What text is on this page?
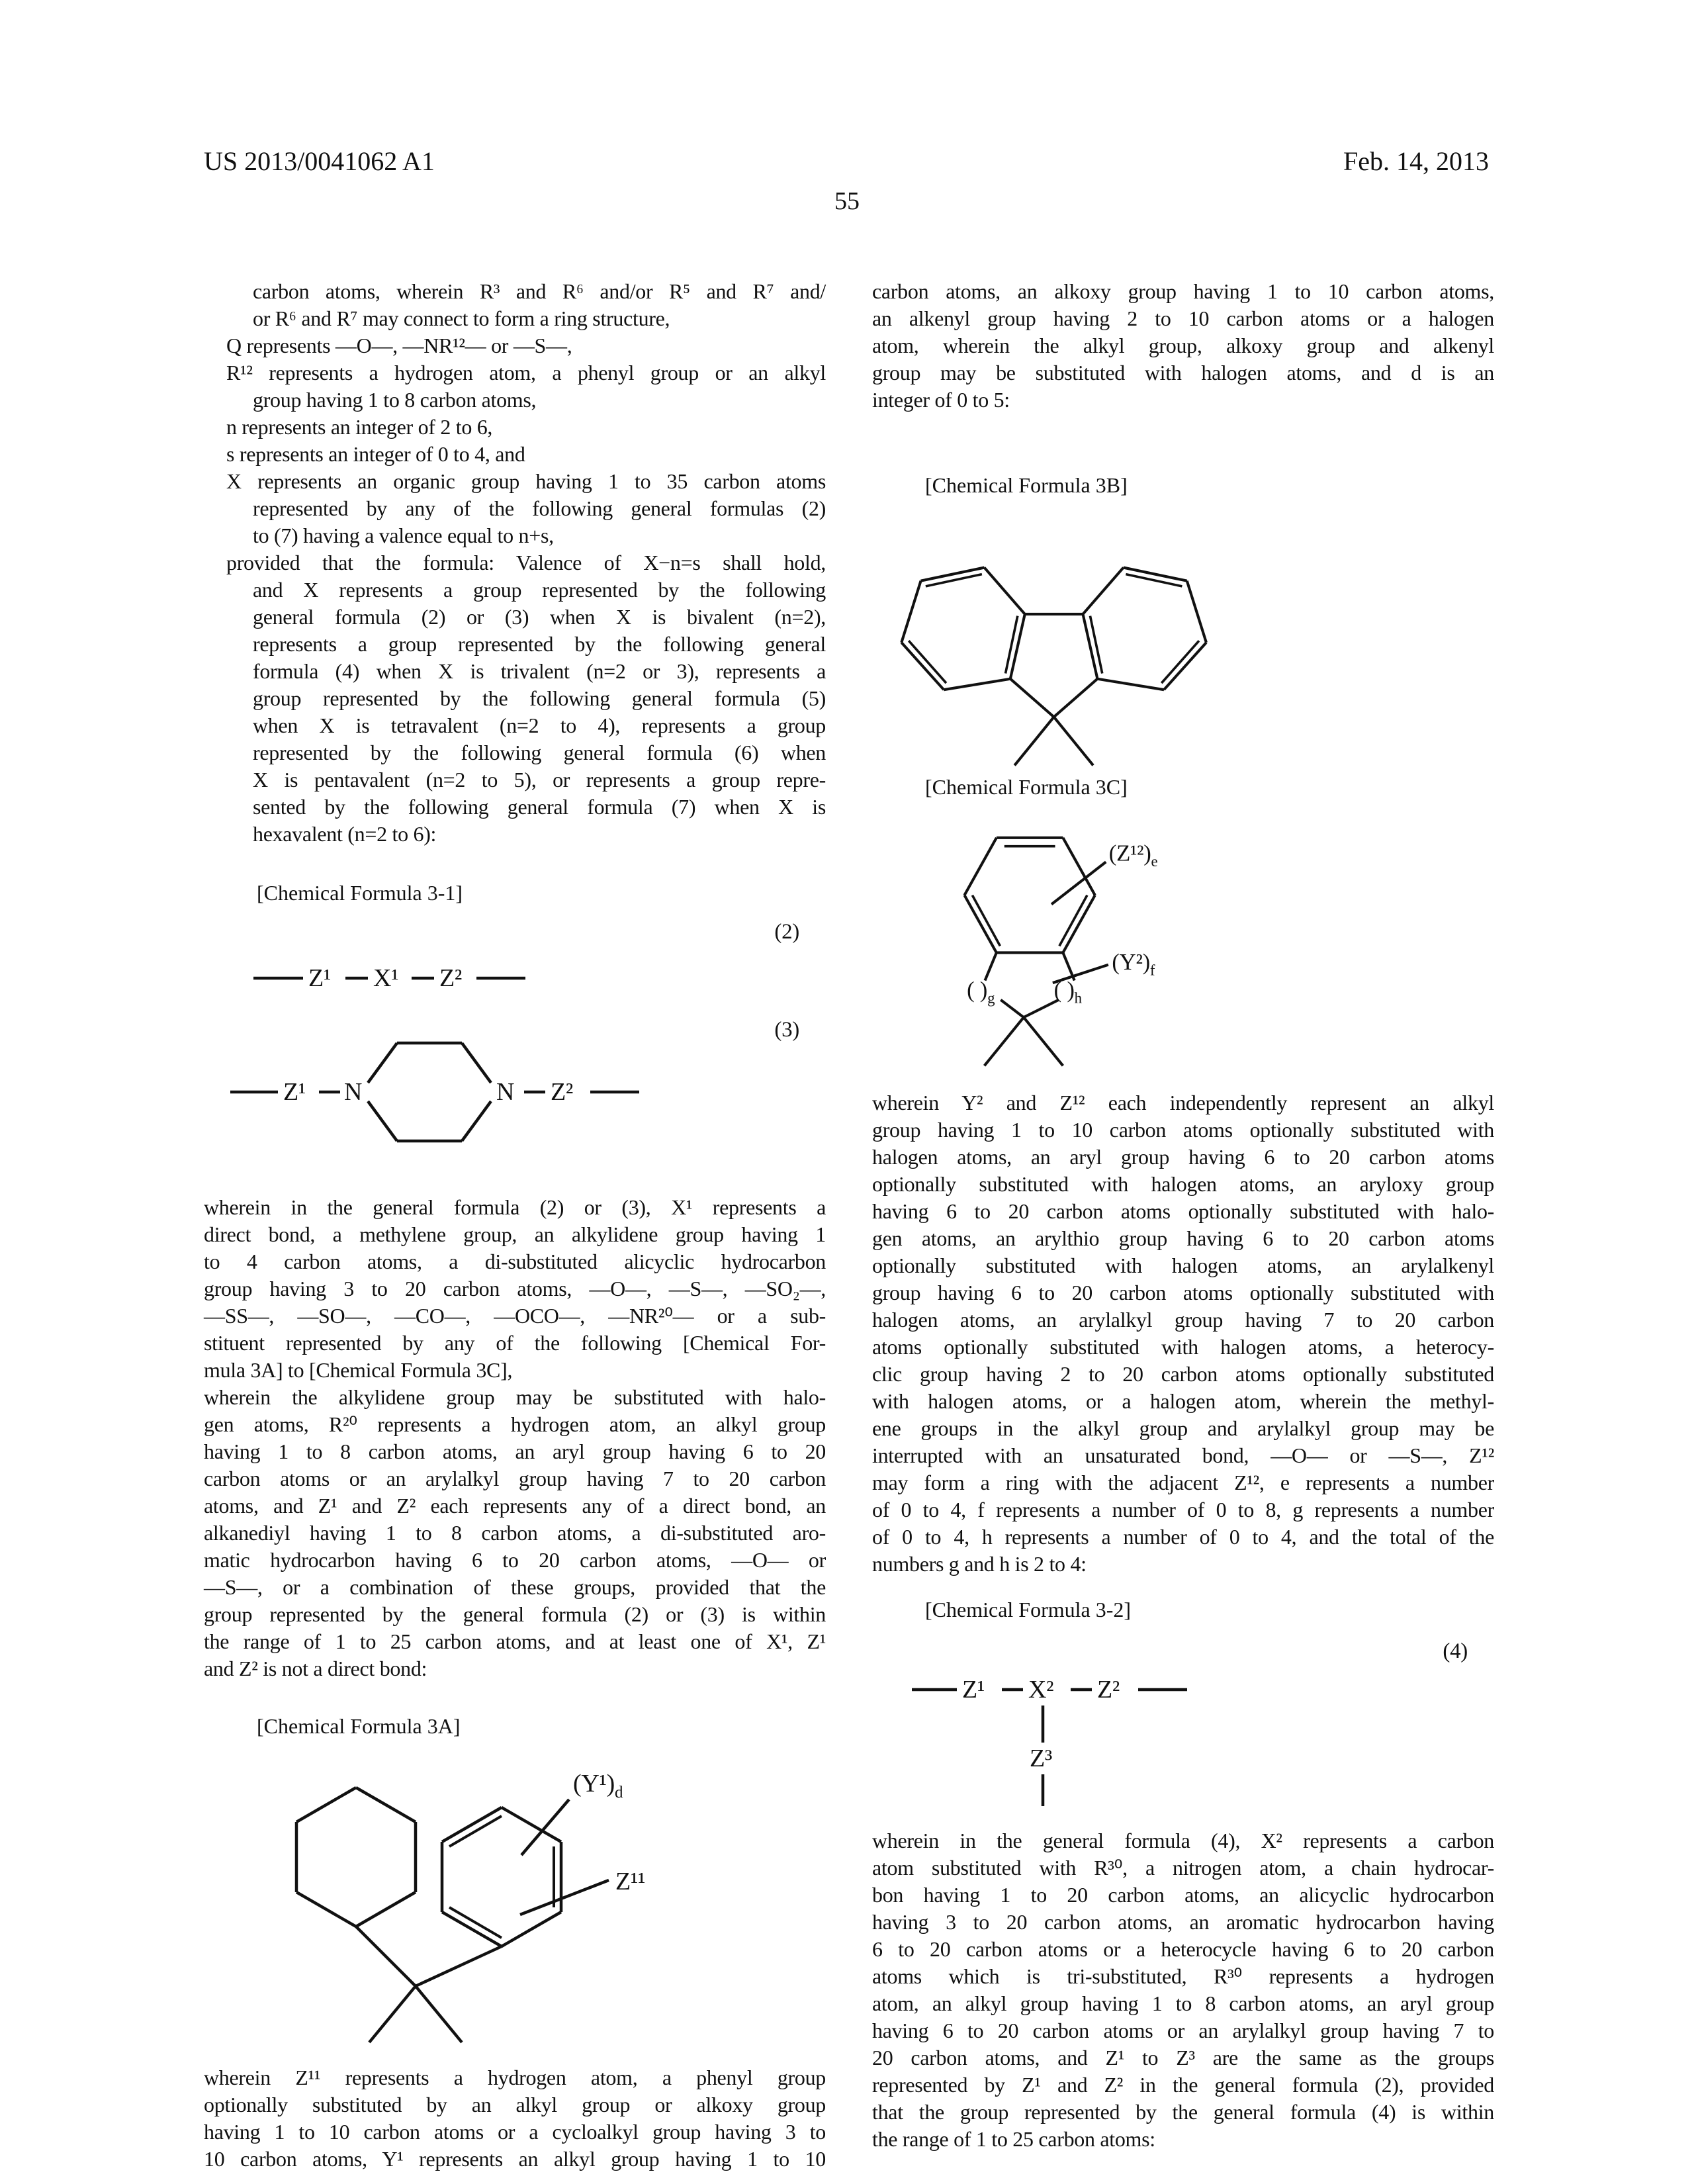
US 2013/0041062 A1	Feb. 14, 2013
55
carbon atoms, wherein R³ and R⁶ and/or R⁵ and R⁷ and/
or R⁶ and R⁷ may connect to form a ring structure,
Q represents —O—, —NR¹²— or —S—,
R¹² represents a hydrogen atom, a phenyl group or an alkyl
group having 1 to 8 carbon atoms,
n represents an integer of 2 to 6,
s represents an integer of 0 to 4, and
X represents an organic group having 1 to 35 carbon atoms
represented by any of the following general formulas (2)
to (7) having a valence equal to n+s,
provided that the formula: Valence of X−n=s shall hold,
and X represents a group represented by the following
general formula (2) or (3) when X is bivalent (n=2),
represents a group represented by the following general
formula (4) when X is trivalent (n=2 or 3), represents a
group represented by the following general formula (5)
when X is tetravalent (n=2 to 4), represents a group
represented by the following general formula (6) when
X is pentavalent (n=2 to 5), or represents a group repre-
sented by the following general formula (7) when X is
hexavalent (n=2 to 6):
[Chemical Formula 3-1]
(2)
Z¹ X¹ Z²
(3)
Z¹ N	N Z²
wherein in the general formula (2) or (3), X¹ represents a
direct bond, a methylene group, an alkylidene group having 1
to 4 carbon atoms, a di-substituted alicyclic hydrocarbon
group having 3 to 20 carbon atoms, —O—, —S—, —SO₂—,
—SS—, —SO—, —CO—, —OCO—, —NR²⁰— or a sub-
stituent represented by any of the following [Chemical For-
mula 3A] to [Chemical Formula 3C],
wherein the alkylidene group may be substituted with halo-
gen atoms, R²⁰ represents a hydrogen atom, an alkyl group
having 1 to 8 carbon atoms, an aryl group having 6 to 20
carbon atoms or an arylalkyl group having 7 to 20 carbon
atoms, and Z¹ and Z² each represents any of a direct bond, an
alkanediyl having 1 to 8 carbon atoms, a di-substituted aro-
matic hydrocarbon having 6 to 20 carbon atoms, —O— or
—S—, or a combination of these groups, provided that the
group represented by the general formula (2) or (3) is within
the range of 1 to 25 carbon atoms, and at least one of X¹, Z¹
and Z² is not a direct bond:
[Chemical Formula 3A]
$(Y^1)_d$
Z¹¹
wherein Z¹¹ represents a hydrogen atom, a phenyl group
optionally substituted by an alkyl group or alkoxy group
having 1 to 10 carbon atoms or a cycloalkyl group having 3 to
10 carbon atoms, Y¹ represents an alkyl group having 1 to 10
carbon atoms, an alkoxy group having 1 to 10 carbon atoms,
an alkenyl group having 2 to 10 carbon atoms or a halogen
atom, wherein the alkyl group, alkoxy group and alkenyl
group may be substituted with halogen atoms, and d is an
integer of 0 to 5:
[Chemical Formula 3B]
[Chemical Formula 3C]
$(Z^{12})_e$
$(Y^2)_f$
( )$_g$ ( )$_h$
wherein Y² and Z¹² each independently represent an alkyl
group having 1 to 10 carbon atoms optionally substituted with
halogen atoms, an aryl group having 6 to 20 carbon atoms
optionally substituted with halogen atoms, an aryloxy group
having 6 to 20 carbon atoms optionally substituted with halo-
gen atoms, an arylthio group having 6 to 20 carbon atoms
optionally substituted with halogen atoms, an arylalkenyl
group having 6 to 20 carbon atoms optionally substituted with
halogen atoms, an arylalkyl group having 7 to 20 carbon
atoms optionally substituted with halogen atoms, a heterocy-
clic group having 2 to 20 carbon atoms optionally substituted
with halogen atoms, or a halogen atom, wherein the methyl-
ene groups in the alkyl group and arylalkyl group may be
interrupted with an unsaturated bond, —O— or —S—, Z¹²
may form a ring with the adjacent Z¹², e represents a number
of 0 to 4, f represents a number of 0 to 8, g represents a number
of 0 to 4, h represents a number of 0 to 4, and the total of the
numbers g and h is 2 to 4:
[Chemical Formula 3-2]
(4)
Z¹ X² Z²
Z³
wherein in the general formula (4), X² represents a carbon
atom substituted with R³⁰, a nitrogen atom, a chain hydrocar-
bon having 1 to 20 carbon atoms, an alicyclic hydrocarbon
having 3 to 20 carbon atoms, an aromatic hydrocarbon having
6 to 20 carbon atoms or a heterocycle having 6 to 20 carbon
atoms which is tri-substituted, R³⁰ represents a hydrogen
atom, an alkyl group having 1 to 8 carbon atoms, an aryl group
having 6 to 20 carbon atoms or an arylalkyl group having 7 to
20 carbon atoms, and Z¹ to Z³ are the same as the groups
represented by Z¹ and Z² in the general formula (2), provided
that the group represented by the general formula (4) is within
the range of 1 to 25 carbon atoms:
